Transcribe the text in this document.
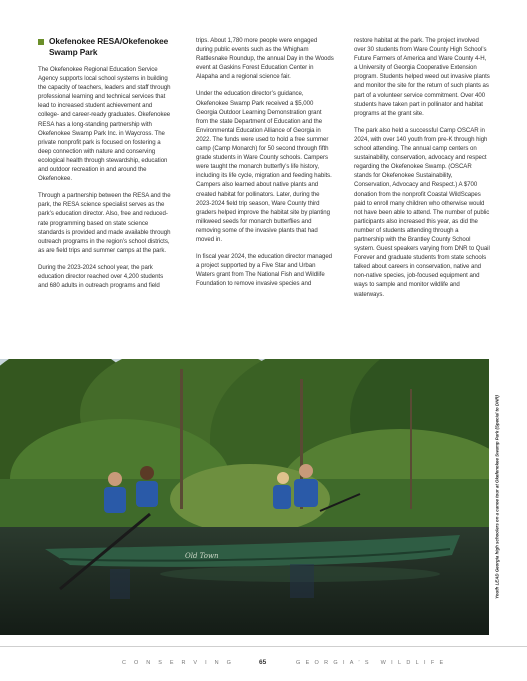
Okefenokee RESA/Okefenokee Swamp Park

The Okefenokee Regional Education Service Agency supports local school systems in building the capacity of teachers, leaders and staff through professional learning and technical services that lead to increased student achievement and college- and career-ready graduates. Okefenokee RESA has a long-standing partnership with Okefenokee Swamp Park Inc. in Waycross. The private nonprofit park is focused on fostering a deep connection with nature and conserving ecological health through stewardship, education and outdoor recreation in and around the Okefenokee.

Through a partnership between the RESA and the park, the RESA science specialist serves as the park’s education director. Also, free and reduced-rate programming based on state science standards is provided and made available through outreach programs in the region’s school districts, as are field trips and summer camps at the park.

During the 2023-2024 school year, the park education director reached over 4,200 students and 680 adults in outreach programs and field

trips. About 1,780 more people were engaged during public events such as the Whigham Rattlesnake Roundup, the annual Day in the Woods event at Gaskins Forest Education Center in Alapaha and a regional science fair.

Under the education director’s guidance, Okefenokee Swamp Park received a $5,000 Georgia Outdoor Learning Demonstration grant from the state Department of Education and the Environmental Education Alliance of Georgia in 2022. The funds were used to hold a free summer camp (Camp Monarch) for 50 second through fifth grade students in Ware County schools. Campers were taught the monarch butterfly’s life history, including its life cycle, migration and feeding habits. Campers also learned about native plants and created habitat for pollinators. Later, during the 2023-2024 field trip season, Ware County third graders helped improve the habitat site by planting milkweed seeds for monarch butterflies and removing some of the invasive plants that had moved in.

In fiscal year 2024, the education director managed a project supported by a Five Star and Urban Waters grant from The National Fish and Wildlife Foundation to remove invasive species and

restore habitat at the park. The project involved over 30 students from Ware County High School’s Future Farmers of America and Ware County 4-H, a University of Georgia Cooperative Extension program. Students helped weed out invasive plants and monitor the site for the return of such plants as part of a volunteer service commitment. Over 400 students have taken part in pollinator and habitat programs at the grant site.

The park also held a successful Camp OSCAR in 2024, with over 140 youth from pre-K through high school attending. The annual camp centers on sustainability, conservation, advocacy and respect regarding the Okefenokee Swamp. (OSCAR stands for Okefenokee Sustainability, Conservation, Advocacy and Respect.) A $700 donation from the nonprofit Coastal WildScapes paid to enroll many children who otherwise would not have been able to attend. The number of public participants also increased this year, as did the number of students attending through a partnership with the Brantley County School system. Guest speakers varying from DNR to Quail Forever and graduate students from state schools talked about careers in conservation, native and non-native species, job-focused equipment and ways to sample and monitor wildlife and waterways.

Old Town	Youth LEAD Georgia high schoolers on a canoe tour at Okefenokee Swamp Park (Special to DNR)
CONSERVING	65	GEORGIA’S WILDLIFE
